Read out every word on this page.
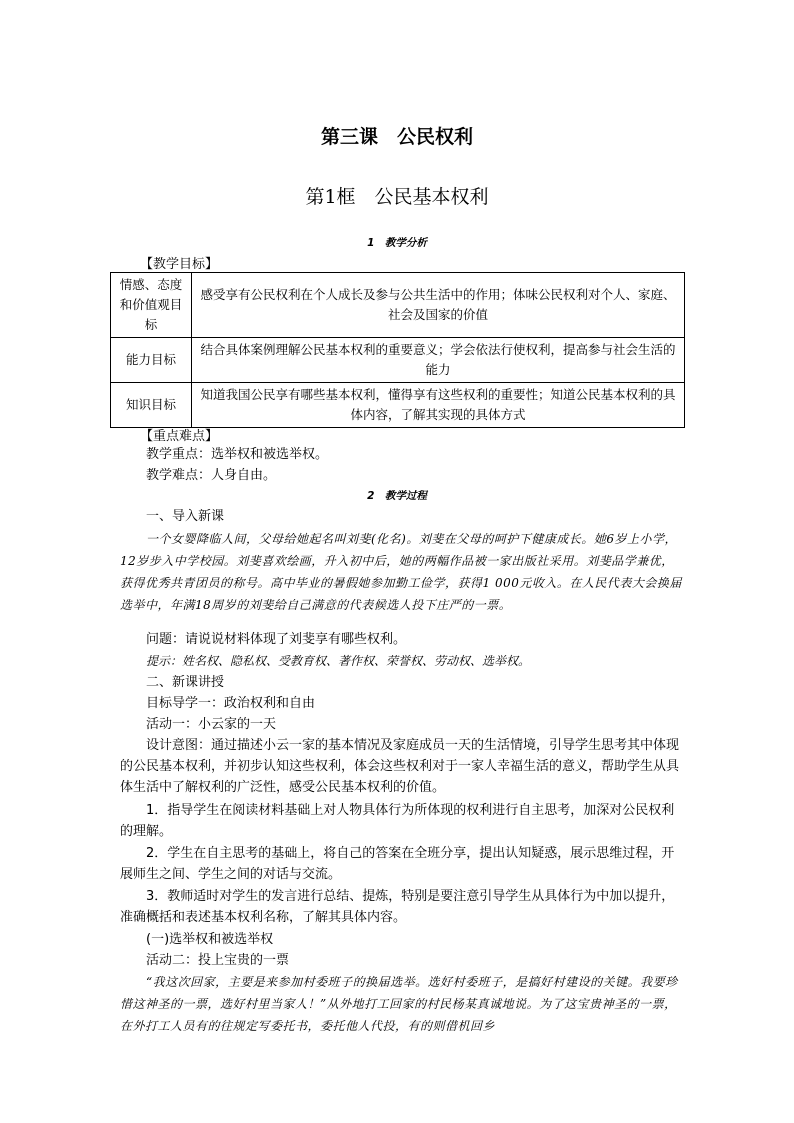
第三课　公民权利
第1框　公民基本权利
1　教学分析
【教学目标】
情感、态度和价值观目标	感受享有公民权利在个人成长及参与公共生活中的作用；体味公民权利对个人、家庭、社会及国家的价值
能力目标	结合具体案例理解公民基本权利的重要意义；学会依法行使权利，提高参与社会生活的能力
知识目标	知道我国公民享有哪些基本权利，懂得享有这些权利的重要性；知道公民基本权利的具体内容，了解其实现的具体方式
【重点难点】
教学重点：选举权和被选举权。
教学难点：人身自由。
2　教学过程
一、导入新课
一个女婴降临人间，父母给她起名叫刘斐(化名)。刘斐在父母的呵护下健康成长。她6岁上小学，12岁步入中学校园。刘斐喜欢绘画，升入初中后，她的两幅作品被一家出版社采用。刘斐品学兼优，获得优秀共青团员的称号。高中毕业的暑假她参加勤工俭学，获得1 000元收入。在人民代表大会换届选举中，年满18周岁的刘斐给自己满意的代表候选人投下庄严的一票。
问题：请说说材料体现了刘斐享有哪些权利。
提示：姓名权、隐私权、受教育权、著作权、荣誉权、劳动权、选举权。
二、新课讲授
目标导学一：政治权利和自由
活动一：小云家的一天
设计意图：通过描述小云一家的基本情况及家庭成员一天的生活情境，引导学生思考其中体现的公民基本权利，并初步认知这些权利，体会这些权利对于一家人幸福生活的意义，帮助学生从具体生活中了解权利的广泛性，感受公民基本权利的价值。
1．指导学生在阅读材料基础上对人物具体行为所体现的权利进行自主思考，加深对公民权利的理解。
2．学生在自主思考的基础上，将自己的答案在全班分享，提出认知疑惑，展示思维过程，开展师生之间、学生之间的对话与交流。
3．教师适时对学生的发言进行总结、提炼，特别是要注意引导学生从具体行为中加以提升，准确概括和表述基本权利名称，了解其具体内容。
(一)选举权和被选举权
活动二：投上宝贵的一票
“我这次回家，主要是来参加村委班子的换届选举。选好村委班子，是搞好村建设的关键。我要珍惜这神圣的一票，选好村里当家人！”从外地打工回家的村民杨某真诚地说。为了这宝贵神圣的一票，在外打工人员有的往规定写委托书，委托他人代投，有的则借机回乡
